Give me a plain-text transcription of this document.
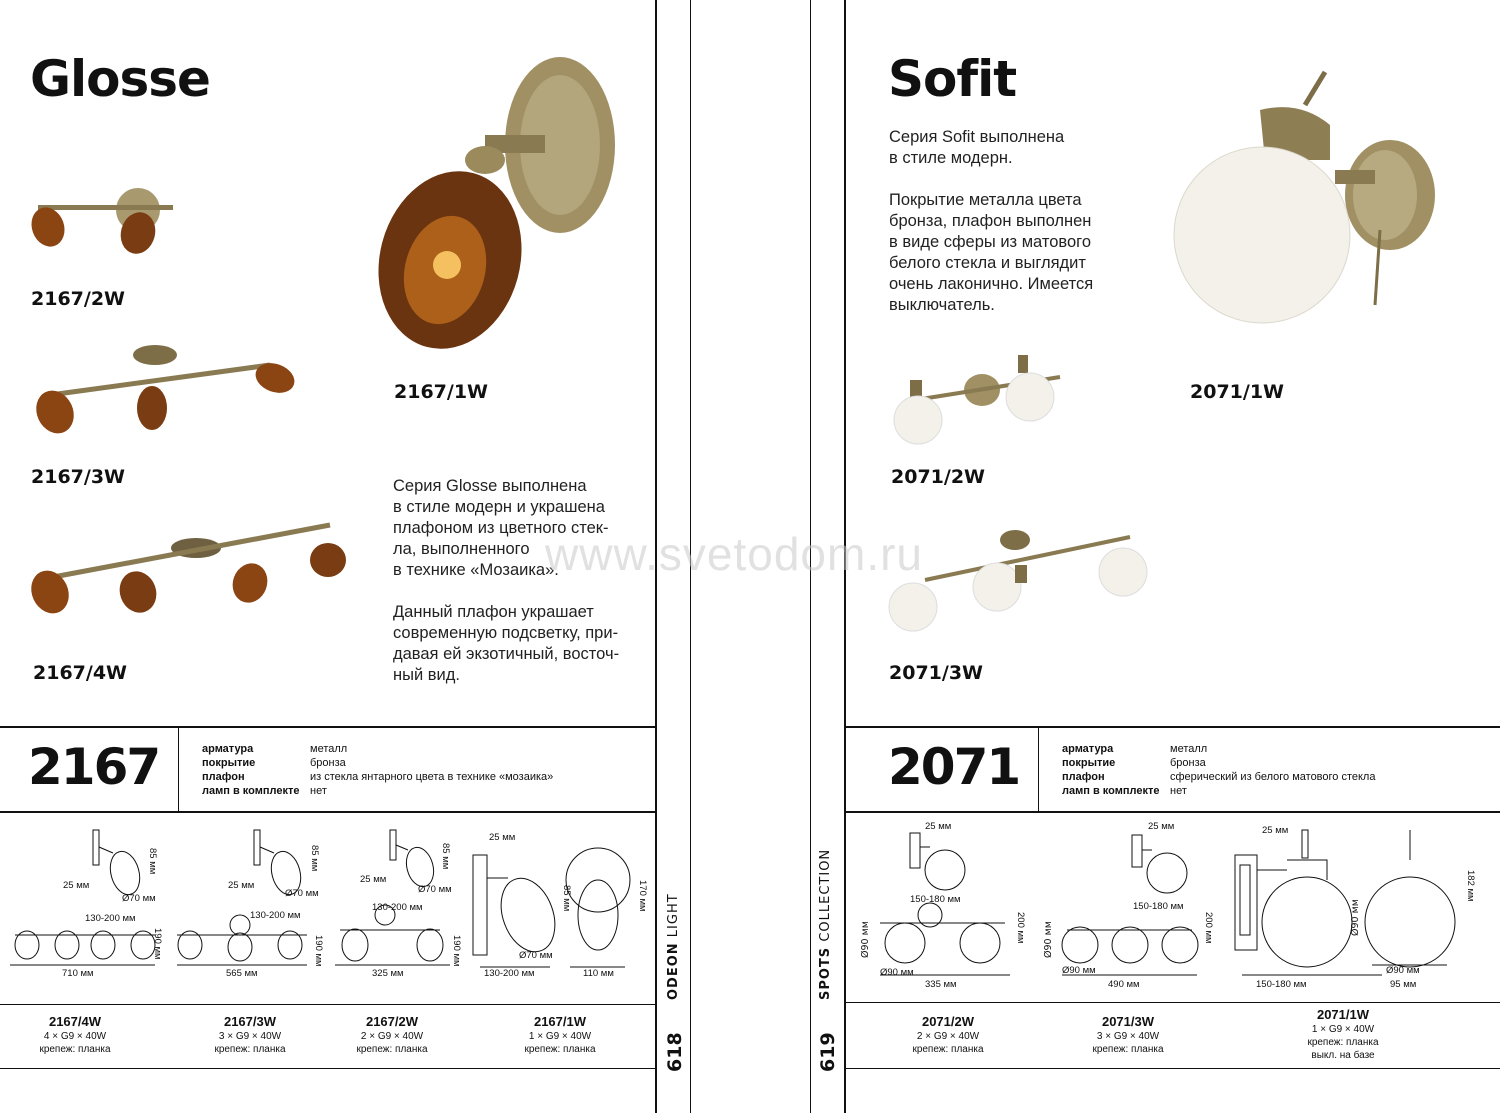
Glosse
2167/2W
2167/3W
2167/4W
2167/1W
Серия Glosse выполнена
в стиле модерн и украшена
плафоном из цветного стек-
ла, выполненного
в технике «Мозаика».
Данный плафон украшает
современную подсветку, при-
давая ей экзотичный, восточ-
ный вид.
2167	арматура	металл
покрытие	бронза
плафон	из стекла янтарного цвета в технике «мозаика»
ламп в комплекте	нет
85 мм
25 мм
Ø70 мм
130-200 мм
190 мм
710 мм
85 мм
25 мм
Ø70 мм
130-200 мм
190 мм
565 мм
85 мм
25 мм
Ø70 мм
130-200 мм
190 мм
325 мм
25 мм
85 мм
Ø70 мм
130-200 мм
170 мм
110 мм
2167/4W
4 × G9 × 40W
крепеж: планка
2167/3W
3 × G9 × 40W
крепеж: планка
2167/2W
2 × G9 × 40W
крепеж: планка
2167/1W
1 × G9 × 40W
крепеж: планка
ODEON LIGHT
618
Sofit
Серия Sofit выполнена
в стиле модерн.
Покрытие металла цвета
бронза, плафон выполнен
в виде сферы из матового
белого стекла и выглядит
очень лаконично. Имеется
выключатель.
2071/1W
2071/2W
2071/3W
2071	арматура	металл
покрытие	бронза
плафон	сферический из белого матового стекла
ламп в комплекте	нет
25 мм
150-180 мм
Ø90 мм	200 мм
Ø90 мм
335 мм
25 мм
150-180 мм
Ø90 мм	200 мм
Ø90 мм
490 мм
25 мм
Ø90 мм
182 мм
150-180 мм
Ø90 мм
95 мм
2071/2W
2 × G9 × 40W
крепеж: планка
2071/3W
3 × G9 × 40W
крепеж: планка
2071/1W
1 × G9 × 40W
крепеж: планка
выкл. на базе
SPOTS COLLECTION
619
www.svetodom.ru
